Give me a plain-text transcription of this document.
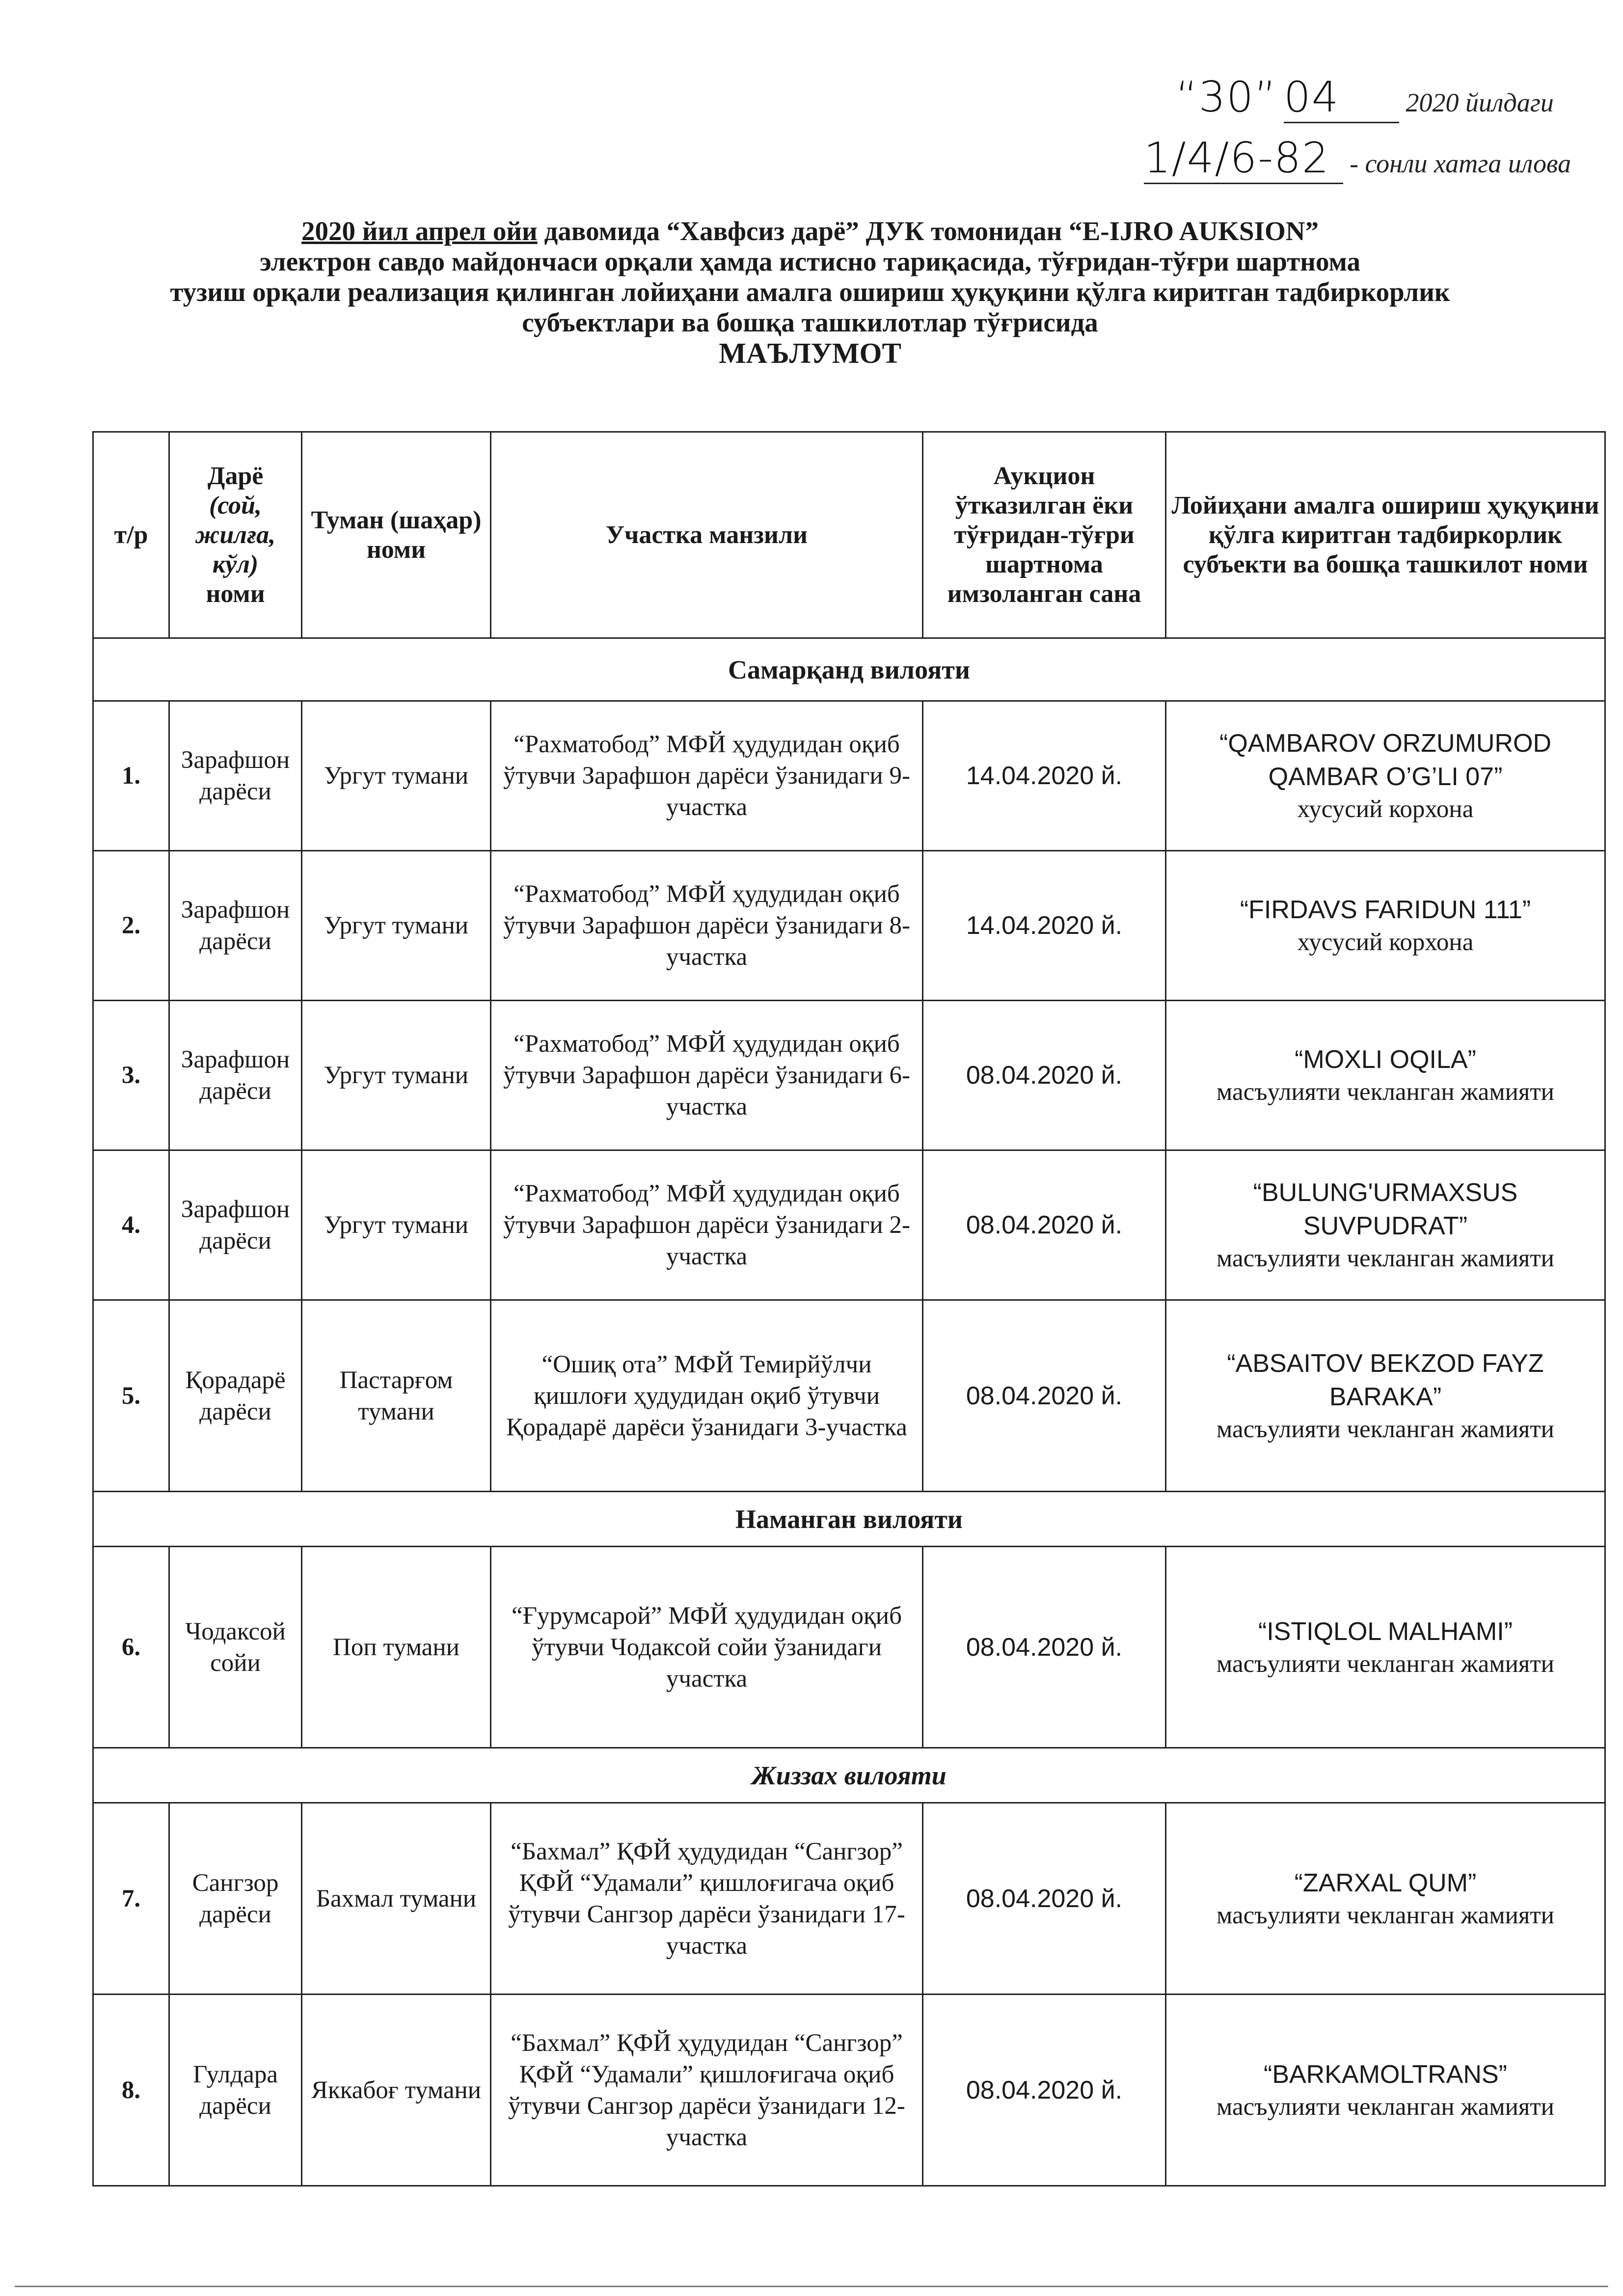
“30” 04	2020 йилдаги
1/4/6-82 - сонли хатга илова
2020 йил апрел ойи давомида “Хавфсиз дарё” ДУК томонидан “E-IJRO AUKSION”
электрон савдо майдончаси орқали ҳамда истисно тариқасида, тўғридан-тўғри шартнома
тузиш орқали реализация қилинган лойиҳани амалга ошириш ҳуқуқини қўлга киритган тадбиркорлик
субъектлари ва бошқа ташкилотлар тўғрисида
МАЪЛУМОТ
т/р	Дарё
(сой, жилға, кўл)
номи	Туман (шаҳар) номи	Участка манзили	Аукцион ўтказилган ёки тўғридан-тўғри шартнома имзоланган сана	Лойиҳани амалга ошириш ҳуқуқини қўлга киритган тадбиркорлик субъекти ва бошқа ташкилот номи
Самарқанд вилояти					
1.	Зарафшон дарёси	Ургут тумани	“Рахматобод” МФЙ ҳудудидан оқиб ўтувчи Зарафшон дарёси ўзанидаги 9-участка	14.04.2020 й.	“QAMBAROV ORZUMUROD QAMBAR O’G’LI 07”
хусусий корхона

2.	Зарафшон дарёси	Ургут тумани	“Рахматобод” МФЙ ҳудудидан оқиб ўтувчи Зарафшон дарёси ўзанидаги 8-участка	14.04.2020 й.	“FIRDAVS FARIDUN 111”
хусусий корхона

3.	Зарафшон дарёси	Ургут тумани	“Рахматобод” МФЙ ҳудудидан оқиб ўтувчи Зарафшон дарёси ўзанидаги 6-участка	08.04.2020 й.	“MOXLI OQILA”
масъулияти чекланган жамияти

4.	Зарафшон дарёси	Ургут тумани	“Рахматобод” МФЙ ҳудудидан оқиб ўтувчи Зарафшон дарёси ўзанидаги 2-участка	08.04.2020 й.	“BULUNG'URMAXSUS SUVPUDRAT”
масъулияти чекланган жамияти

5.	Қорадарё дарёси	Пастарғом тумани	“Ошиқ ота” МФЙ Темирйўлчи қишлоғи ҳудудидан оқиб ўтувчи Қорадарё дарёси ўзанидаги 3-участка	08.04.2020 й.	“ABSAITOV BEKZOD FAYZ BARAKA”
масъулияти чекланган жамияти

Наманган вилояти					
6.	Чодаксой сойи	Поп тумани	“Ғурумсарой” МФЙ ҳудудидан оқиб ўтувчи Чодаксой сойи ўзанидаги участка	08.04.2020 й.	“ISTIQLOL MALHAMI”
масъулияти чекланган жамияти

Жиззах вилояти					
7.	Сангзор дарёси	Бахмал тумани	“Бахмал” ҚФЙ ҳудудидан “Сангзор” ҚФЙ “Удамали” қишлоғигача оқиб ўтувчи Сангзор дарёси ўзанидаги 17-участка	08.04.2020 й.	“ZARXAL QUM”
масъулияти чекланган жамияти

8.	Гулдара дарёси	Яккабоғ тумани	“Бахмал” ҚФЙ ҳудудидан “Сангзор” ҚФЙ “Удамали” қишлоғигача оқиб ўтувчи Сангзор дарёси ўзанидаги 12-участка	08.04.2020 й.	“BARKAMOLTRANS”
масъулияти чекланган жамияти
